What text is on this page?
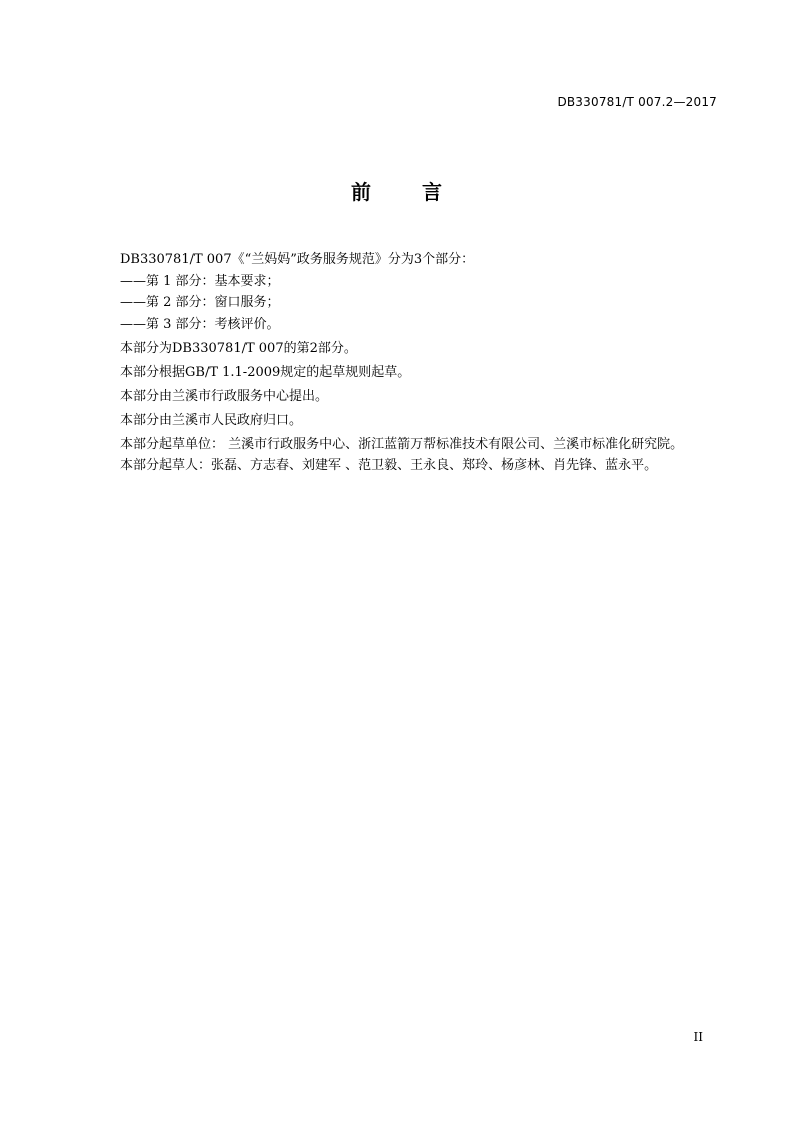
DB330781/T 007.2—2017
前 言

DB330781/T 007《“兰妈妈”政务服务规范》分为3个部分：

——第 1 部分：基本要求；

——第 2 部分：窗口服务；

——第 3 部分：考核评价。

本部分为DB330781/T 007的第2部分。

本部分根据GB/T 1.1-2009规定的起草规则起草。

本部分由兰溪市行政服务中心提出。

本部分由兰溪市人民政府归口。

本部分起草单位： 兰溪市行政服务中心、浙江蓝箭万帮标准技术有限公司、兰溪市标准化研究院。

本部分起草人：张磊、方志春、刘建军 、范卫毅、王永良、郑玲、杨彦林、肖先锋、蓝永平。

II
